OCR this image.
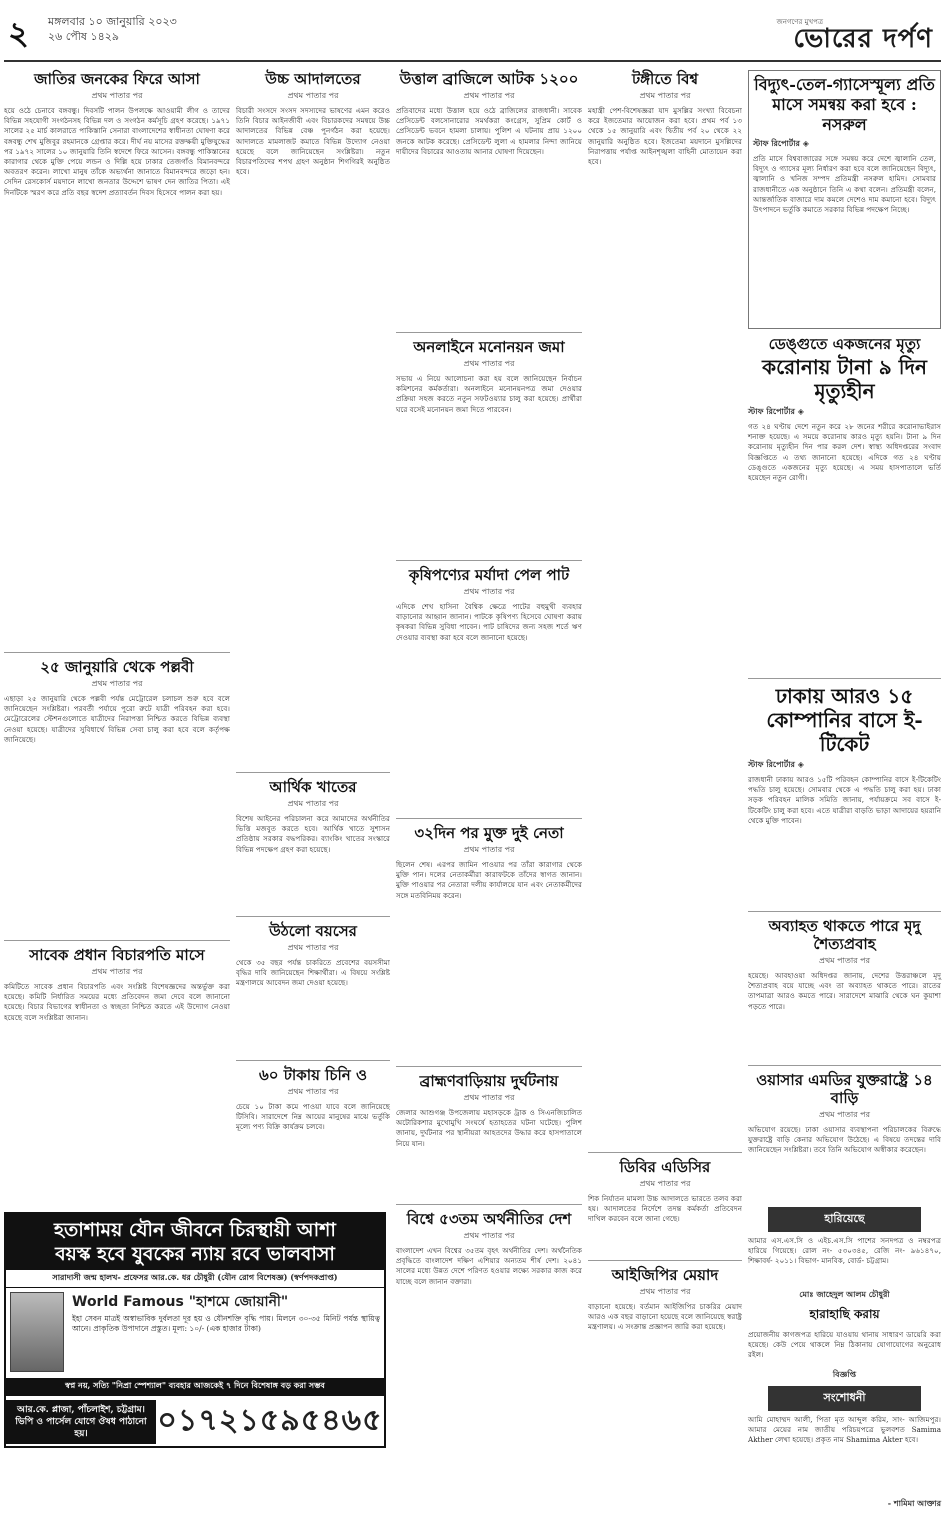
২ মঙ্গলবার ১০ জানুয়ারি ২০২৩
২৬ পৌষ ১৪২৯
জনগণের মুখপত্র
ভোরের দর্পণ
জাতির জনকের ফিরে আসা
প্রথম পাতার পর
হয়ে ওঠে চেনাবে বঙ্গবন্ধু। দিবসটি পালন উপলক্ষে আওয়ামী লীগ ও তাদের বিভিন্ন সহযোগী সংগঠনসহ বিভিন্ন দল ও সংগঠন কর্মসূচি গ্রহণ করেছে। ১৯৭১ সালের ২৫ মার্চ কালরাতে পাকিস্তানি সেনারা বাংলাদেশের স্বাধীনতা ঘোষণা করে বঙ্গবন্ধু শেখ মুজিবুর রহমানকে গ্রেপ্তার করে। দীর্ঘ নয় মাসের রক্তক্ষয়ী মুক্তিযুদ্ধের পর ১৯৭২ সালের ১০ জানুয়ারি তিনি স্বদেশে ফিরে আসেন। বঙ্গবন্ধু পাকিস্তানের কারাগার থেকে মুক্তি পেয়ে লন্ডন ও দিল্লি হয়ে ঢাকার তেজগাঁও বিমানবন্দরে অবতরণ করেন। লাখো মানুষ তাঁকে অভ্যর্থনা জানাতে বিমানবন্দরে জড়ো হন। সেদিন রেসকোর্স ময়দানে লাখো জনতার উদ্দেশে ভাষণ দেন জাতির পিতা। এই দিনটিকে স্মরণ করে প্রতি বছর স্বদেশ প্রত্যাবর্তন দিবস হিসেবে পালন করা হয়।
২৫ জানুয়ারি থেকে পল্লবী
প্রথম পাতার পর
এছাড়া ২৫ জানুয়ারি থেকে পল্লবী পর্যন্ত মেট্রোরেল চলাচল শুরু হবে বলে জানিয়েছেন সংশ্লিষ্টরা। পরবর্তী পর্যায়ে পুরো রুটে যাত্রী পরিবহন করা হবে। মেট্রোরেলের স্টেশনগুলোতে যাত্রীদের নিরাপত্তা নিশ্চিত করতে বিভিন্ন ব্যবস্থা নেওয়া হয়েছে। যাত্রীদের সুবিধার্থে বিভিন্ন সেবা চালু করা হবে বলে কর্তৃপক্ষ জানিয়েছে।
সাবেক প্রধান বিচারপতি মাসে
প্রথম পাতার পর
কমিটিতে সাবেক প্রধান বিচারপতি এবং সংশ্লিষ্ট বিশেষজ্ঞদের অন্তর্ভুক্ত করা হয়েছে। কমিটি নির্ধারিত সময়ের মধ্যে প্রতিবেদন জমা দেবে বলে জানানো হয়েছে। বিচার বিভাগের স্বাধীনতা ও স্বচ্ছতা নিশ্চিত করতে এই উদ্যোগ নেওয়া হয়েছে বলে সংশ্লিষ্টরা জানান।
উচ্চ আদালতের
প্রথম পাতার পর
বিচারী সংসদে সংসদ সদস্যদের ভাষণের এমন করেও তিনি বিচার আইনজীবী এবং বিচারকদের সমন্বয়ে উচ্চ আদালতের বিভিন্ন বেঞ্চ পুনর্গঠন করা হয়েছে। আদালতে মামলাজট কমাতে বিভিন্ন উদ্যোগ নেওয়া হয়েছে বলে জানিয়েছেন সংশ্লিষ্টরা। নতুন বিচারপতিদের শপথ গ্রহণ অনুষ্ঠান শিগগিরই অনুষ্ঠিত হবে।
আর্থিক খাতের
প্রথম পাতার পর
বিশেষ আইনের পরিচালনা করে আমাদের অর্থনীতির ভিত্তি মজবুত করতে হবে। আর্থিক খাতে সুশাসন প্রতিষ্ঠায় সরকার বদ্ধপরিকর। ব্যাংকিং খাতের সংস্কারে বিভিন্ন পদক্ষেপ গ্রহণ করা হয়েছে।
উঠলো বয়সের
প্রথম পাতার পর
থেকে ৩৫ বছর পর্যন্ত চাকরিতে প্রবেশের বয়সসীমা বৃদ্ধির দাবি জানিয়েছেন শিক্ষার্থীরা। এ বিষয়ে সংশ্লিষ্ট মন্ত্রণালয়ে আবেদন জমা দেওয়া হয়েছে।
৬০ টাকায় চিনি ও
প্রথম পাতার পর
চেয়ে ১০ টাকা কমে পাওয়া যাবে বলে জানিয়েছে টিসিবি। সারাদেশে নিম্ন আয়ের মানুষের মাঝে ভর্তুকি মূল্যে পণ্য বিক্রি কার্যক্রম চলবে।
উত্তাল ব্রাজিলে আটক ১২০০
প্রথম পাতার পর
প্রতিবাদের মধ্যে উত্তাল হয়ে ওঠে ব্রাজিলের রাজধানী। সাবেক প্রেসিডেন্ট বলসোনারোর সমর্থকরা কংগ্রেস, সুপ্রিম কোর্ট ও প্রেসিডেন্ট ভবনে হামলা চালায়। পুলিশ এ ঘটনায় প্রায় ১২০০ জনকে আটক করেছে। প্রেসিডেন্ট লুলা এ হামলার নিন্দা জানিয়ে দায়ীদের বিচারের আওতায় আনার ঘোষণা দিয়েছেন।
অনলাইনে মনোনয়ন জমা
প্রথম পাতার পর
সভায় এ নিয়ে আলোচনা করা হয় বলে জানিয়েছেন নির্বাচন কমিশনের কর্মকর্তারা। অনলাইনে মনোনয়নপত্র জমা দেওয়ার প্রক্রিয়া সহজ করতে নতুন সফটওয়্যার চালু করা হয়েছে। প্রার্থীরা ঘরে বসেই মনোনয়ন জমা দিতে পারবেন।
কৃষিপণ্যের মর্যাদা পেল পাট
প্রথম পাতার পর
এদিকে শেখ হাসিনা বৈশ্বিক ক্ষেত্রে পাটের বহুমুখী ব্যবহার বাড়ানোর আহ্বান জানান। পাটকে কৃষিপণ্য হিসেবে ঘোষণা করায় কৃষকরা বিভিন্ন সুবিধা পাবেন। পাট চাষিদের জন্য সহজ শর্তে ঋণ দেওয়ার ব্যবস্থা করা হবে বলে জানানো হয়েছে।
৩২দিন পর মুক্ত দুই নেতা
প্রথম পাতার পর
ছিলেন শেষ। এরপর জামিন পাওয়ার পর তাঁরা কারাগার থেকে মুক্তি পান। দলের নেতাকর্মীরা কারাফটকে তাঁদের স্বাগত জানান। মুক্তি পাওয়ার পর নেতারা দলীয় কার্যালয়ে যান এবং নেতাকর্মীদের সঙ্গে মতবিনিময় করেন।
ব্রাহ্মণবাড়িয়ায় দুর্ঘটনায়
প্রথম পাতার পর
জেলার আশুগঞ্জ উপজেলায় মহাসড়কে ট্রাক ও সিএনজিচালিত অটোরিকশার মুখোমুখি সংঘর্ষে হতাহতের ঘটনা ঘটেছে। পুলিশ জানায়, দুর্ঘটনার পর স্থানীয়রা আহতদের উদ্ধার করে হাসপাতালে নিয়ে যান।
বিশ্বে ৫৩তম অর্থনীতির দেশ
প্রথম পাতার পর
বাংলাদেশ এখন বিশ্বের ৩৫তম বৃহৎ অর্থনীতির দেশ। অর্থনৈতিক প্রবৃদ্ধিতে বাংলাদেশ দক্ষিণ এশিয়ার অন্যতম শীর্ষ দেশ। ২০৪১ সালের মধ্যে উন্নত দেশে পরিণত হওয়ার লক্ষ্যে সরকার কাজ করে যাচ্ছে বলে জানান বক্তারা।
টঙ্গীতে বিশ্ব
প্রথম পাতার পর
মহান্ত্রী পেশ-বিশেষজ্ঞরা যাদ মুসল্লির সংখ্যা বিবেচনা করে ইজতেমার আয়োজন করা হবে। প্রথম পর্ব ১৩ থেকে ১৫ জানুয়ারি এবং দ্বিতীয় পর্ব ২০ থেকে ২২ জানুয়ারি অনুষ্ঠিত হবে। ইজতেমা ময়দানে মুসল্লিদের নিরাপত্তায় পর্যাপ্ত আইনশৃঙ্খলা বাহিনী মোতায়েন করা হবে।
ডিবির এডিসির
প্রথম পাতার পর
শিক নির্যাতন মামলা উচ্চ আদালতে ভারতে তলব করা হয়। আদালতের নির্দেশে তদন্ত কর্মকর্তা প্রতিবেদন দাখিল করবেন বলে জানা গেছে।
আইজিপির মেয়াদ
প্রথম পাতার পর
বাড়ানো হয়েছে। বর্তমান আইজিপির চাকরির মেয়াদ আরও এক বছর বাড়ানো হয়েছে বলে জানিয়েছে স্বরাষ্ট্র মন্ত্রণালয়। এ সংক্রান্ত প্রজ্ঞাপন জারি করা হয়েছে।
বিদ্যুৎ-তেল-গ্যাসেস্মূল্য প্রতি মাসে সমন্বয় করা হবে : নসরুল
স্টাফ রিপোর্টার ◈
প্রতি মাসে বিশ্ববাজারের সঙ্গে সমন্বয় করে দেশে জ্বালানি তেল, বিদ্যুৎ ও গ্যাসের মূল্য নির্ধারণ করা হবে বলে জানিয়েছেন বিদ্যুৎ, জ্বালানি ও খনিজ সম্পদ প্রতিমন্ত্রী নসরুল হামিদ। সোমবার রাজধানীতে এক অনুষ্ঠানে তিনি এ কথা বলেন। প্রতিমন্ত্রী বলেন, আন্তর্জাতিক বাজারে দাম কমলে দেশেও দাম কমানো হবে। বিদ্যুৎ উৎপাদনে ভর্তুকি কমাতে সরকার বিভিন্ন পদক্ষেপ নিচ্ছে।
ডেঙ্গুতে একজনের মৃত্যু
করোনায় টানা ৯ দিন মৃত্যুহীন
স্টাফ রিপোর্টার ◈
গত ২৪ ঘণ্টায় দেশে নতুন করে ২৮ জনের শরীরে করোনাভাইরাস শনাক্ত হয়েছে। এ সময়ে করোনায় কারও মৃত্যু হয়নি। টানা ৯ দিন করোনায় মৃত্যুহীন দিন পার করল দেশ। স্বাস্থ্য অধিদপ্তরের সংবাদ বিজ্ঞপ্তিতে এ তথ্য জানানো হয়েছে। এদিকে গত ২৪ ঘণ্টায় ডেঙ্গুতে একজনের মৃত্যু হয়েছে। এ সময় হাসপাতালে ভর্তি হয়েছেন নতুন রোগী।
ঢাকায় আরও ১৫ কোম্পানির বাসে ই-টিকেট
স্টাফ রিপোর্টার ◈
রাজধানী ঢাকায় আরও ১৫টি পরিবহন কোম্পানির বাসে ই-টিকেটিং পদ্ধতি চালু হয়েছে। সোমবার থেকে এ পদ্ধতি চালু করা হয়। ঢাকা সড়ক পরিবহন মালিক সমিতি জানায়, পর্যায়ক্রমে সব বাসে ই-টিকেটিং চালু করা হবে। এতে যাত্রীরা বাড়তি ভাড়া আদায়ের হয়রানি থেকে মুক্তি পাবেন।
অব্যাহত থাকতে পারে মৃদু শৈত্যপ্রবাহ
প্রথম পাতার পর
হয়েছে। আবহাওয়া অধিদপ্তর জানায়, দেশের উত্তরাঞ্চলে মৃদু শৈত্যপ্রবাহ বয়ে যাচ্ছে এবং তা অব্যাহত থাকতে পারে। রাতের তাপমাত্রা আরও কমতে পারে। সারাদেশে মাঝারি থেকে ঘন কুয়াশা পড়তে পারে।
ওয়াসার এমডির যুক্তরাষ্ট্রে ১৪ বাড়ি
প্রথম পাতার পর
অভিযোগ রয়েছে। ঢাকা ওয়াসার ব্যবস্থাপনা পরিচালকের বিরুদ্ধে যুক্তরাষ্ট্রে বাড়ি কেনার অভিযোগ উঠেছে। এ বিষয়ে তদন্তের দাবি জানিয়েছেন সংশ্লিষ্টরা। তবে তিনি অভিযোগ অস্বীকার করেছেন।
হারিয়েছে
আমার এস.এস.সি ও এইচ.এস.সি পাশের সনদপত্র ও নম্বরপত্র হারিয়ে গিয়েছে। রোল নং- ৫৩০৩৪৫, রেজি নং- ৯৬১৪৭০, শিক্ষাবর্ষ- ২০১১। বিভাগ- মানবিক, বোর্ড- চট্টগ্রাম।
মোঃ জাহেদুল আলম চৌধুরী
হারাহাছি করায়
প্রয়োজনীয় কাগজপত্র হারিয়ে যাওয়ায় থানায় সাধারণ ডায়েরি করা হয়েছে। কেউ পেয়ে থাকলে নিম্ন ঠিকানায় যোগাযোগের অনুরোধ রইল।
বিজ্ঞপ্তি
সংশোধনী
আমি মোহাম্মদ আলী, পিতা মৃত আব্দুল করিম, সাং- আজিমপুর। আমার মেয়ের নাম জাতীয় পরিচয়পত্রে ভুলবশত Samima Akther লেখা হয়েছে। প্রকৃত নাম Shamima Akter হবে।
- শামিমা আক্তার
হতাশাময় যৌন জীবনে চিরস্থায়ী আশা
বয়স্ক হবে যুবকের ন্যায় রবে ভালবাসা
সারাদাসী জন্ম হালখ- প্রফেসর আর.কে. ধর চৌধুরী (যৌন রোগ বিশেষজ্ঞ) (স্বর্ণপদকপ্রাপ্ত)
World Famous "হাশমে জোয়ানী"
ইহা সেবন মাত্রই অস্বাভাবিক দুর্বলতা দূর হয় ও যৌনশক্তি বৃদ্ধি পায়। মিলনে ৩০-৩৫ মিনিট পর্যন্ত স্থায়িত্ব আনে। প্রাকৃতিক উপাদানে প্রস্তুত। মূল্য: ১০/- (এক হাজার টাকা)
স্বপ্ন নয়, সত্যি "নিপ্রা স্পেশ্যাল" ব্যবহার আজকেই ৭ দিনে বিশেষাঙ্গ বড় করা সম্ভব
আর.কে. প্লাজা, পাঁচলাইশ, চট্টগ্রাম। ভিপি ও পার্সেল যোগে ঔষধ পাঠানো হয়।	০১৭২১৫৯৫৪৬৫
